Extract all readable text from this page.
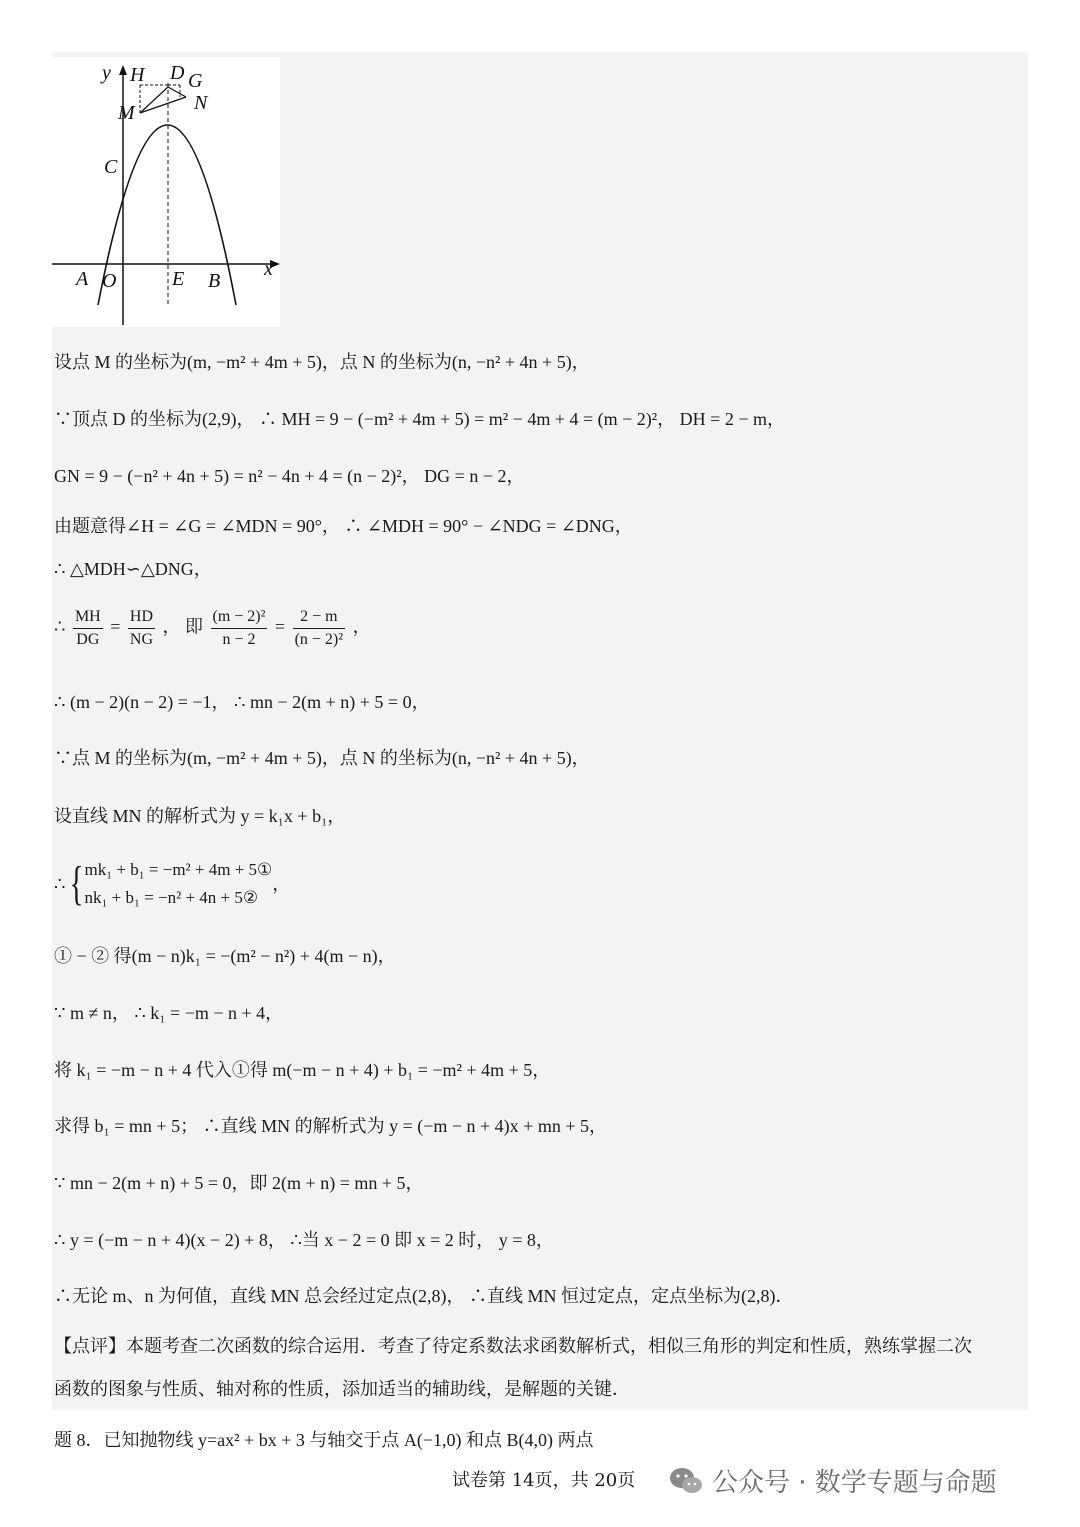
y H D G
M	N
C
A O	E B
x
设点 M 的坐标为(m, −m² + 4m + 5)，点 N 的坐标为(n, −n² + 4n + 5)，
∵顶点 D 的坐标为(2,9)， ∴ MH = 9 − (−m² + 4m + 5) = m² − 4m + 4 = (m − 2)²， DH = 2 − m，
GN = 9 − (−n² + 4n + 5) = n² − 4n + 4 = (n − 2)²， DG = n − 2，
由题意得∠H = ∠G = ∠MDN = 90°， ∴ ∠MDH = 90° − ∠NDG = ∠DNG，
∴ △MDH∽△DNG，
∴ $\frac{MH}{DG} = \frac{HD}{NG}$ ， 即 $\frac{\text{(m − 2)²}}{n - 2} = \frac{2 - m}{\text{(n − 2)²}}$ ，
∴ (m − 2)(n − 2) = −1， ∴ mn − 2(m + n) + 5 = 0，
∵点 M 的坐标为(m, −m² + 4m + 5)，点 N 的坐标为(n, −n² + 4n + 5)，
设直线 MN 的解析式为 y = k₁x + b₁，
∴ { mk₁ + b₁ = −m² + 4m + 5①
nk₁ + b₁ = −n² + 4n + 5②
，
① − ② 得(m − n)k₁ = −(m² − n²) + 4(m − n)，
∵ m ≠ n， ∴ k₁ = −m − n + 4，
将 k₁ = −m − n + 4 代入①得 m(−m − n + 4) + b₁ = −m² + 4m + 5，
求得 b₁ = mn + 5； ∴直线 MN 的解析式为 y = (−m − n + 4)x + mn + 5，
∵ mn − 2(m + n) + 5 = 0，即 2(m + n) = mn + 5，
∴ y = (−m − n + 4)(x − 2) + 8， ∴当 x − 2 = 0 即 x = 2 时， y = 8，
∴无论 m、n 为何值，直线 MN 总会经过定点(2,8)， ∴直线 MN 恒过定点，定点坐标为(2,8)．
【点评】本题考查二次函数的综合运用．考查了待定系数法求函数解析式，相似三角形的判定和性质，熟练掌握二次
函数的图象与性质、轴对称的性质，添加适当的辅助线，是解题的关键．
题 8．已知抛物线 y=ax² + bx + 3 与轴交于点 A(−1,0) 和点 B(4,0) 两点
试卷第 14页，共 20页	公众号 · 数学专题与命题
